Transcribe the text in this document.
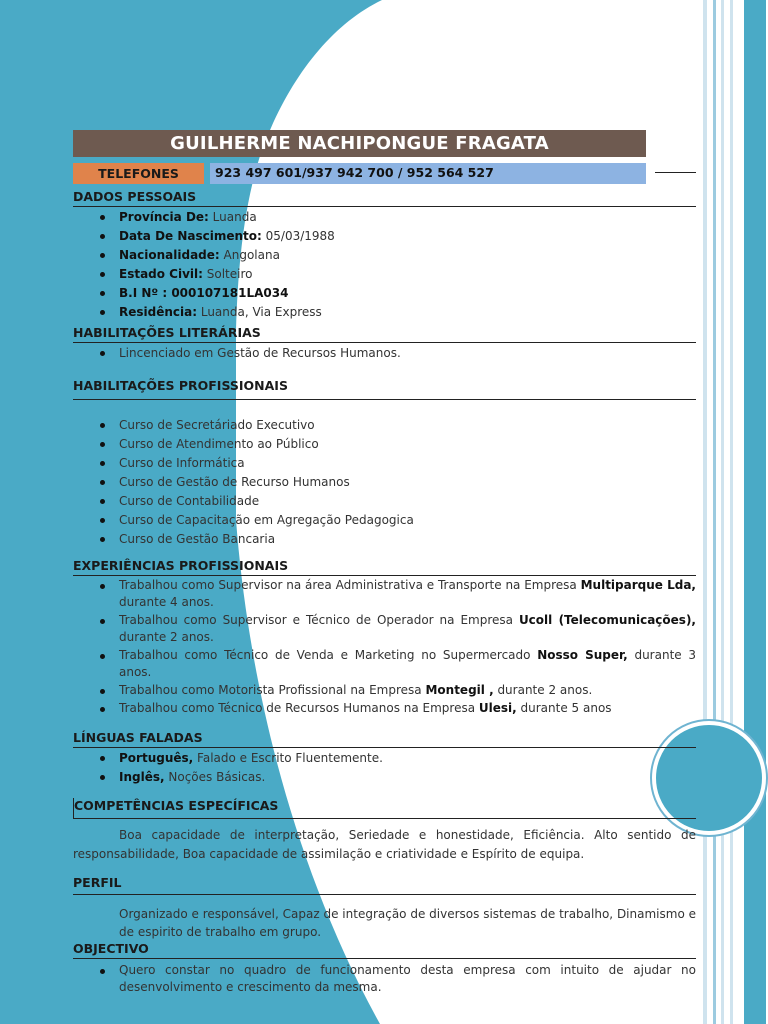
GUILHERME NACHIPONGUE FRAGATA
TELEFONES	923 497 601/937 942 700 / 952 564 527
DADOS PESSOAIS
Província De: Luanda
Data De Nascimento: 05/03/1988
Nacionalidade: Angolana
Estado Civil: Solteiro
B.I Nº : 000107181LA034
Residência: Luanda, Via Express
HABILITAÇÕES LITERÁRIAS
Lincenciado em Gestão de Recursos Humanos.
HABILITAÇÕES PROFISSIONAIS
Curso de Secretáriado Executivo
Curso de Atendimento ao Público
Curso de Informática
Curso de Gestão de Recurso Humanos
Curso de Contabilidade
Curso de Capacitação em Agregação Pedagogica
Curso de Gestão Bancaria
EXPERIÊNCIAS PROFISSIONAIS
Trabalhou como Supervisor na área Administrativa e Transporte na Empresa Multiparque Lda, durante 4 anos.
Trabalhou como Supervisor e Técnico de Operador na Empresa Ucoll (Telecomunicações), durante 2 anos.
Trabalhou como Técnico de Venda e Marketing no Supermercado Nosso Super, durante 3 anos.
Trabalhou como Motorista Profissional na Empresa Montegil , durante 2 anos.
Trabalhou como Técnico de Recursos Humanos na Empresa Ulesi, durante 5 anos
LÍNGUAS FALADAS
Português, Falado e Escrito Fluentemente.
Inglês, Noções Básicas.
COMPETÊNCIAS ESPECÍFICAS
Boa capacidade de interpretação, Seriedade e honestidade, Eficiência. Alto sentido de responsabilidade, Boa capacidade de assimilação e criatividade e Espírito de equipa.
PERFIL
Organizado e responsável, Capaz de integração de diversos sistemas de trabalho, Dinamismo e de espirito de trabalho em grupo.
OBJECTIVO
Quero constar no quadro de funcionamento desta empresa com intuito de ajudar no desenvolvimento e crescimento da mesma.
